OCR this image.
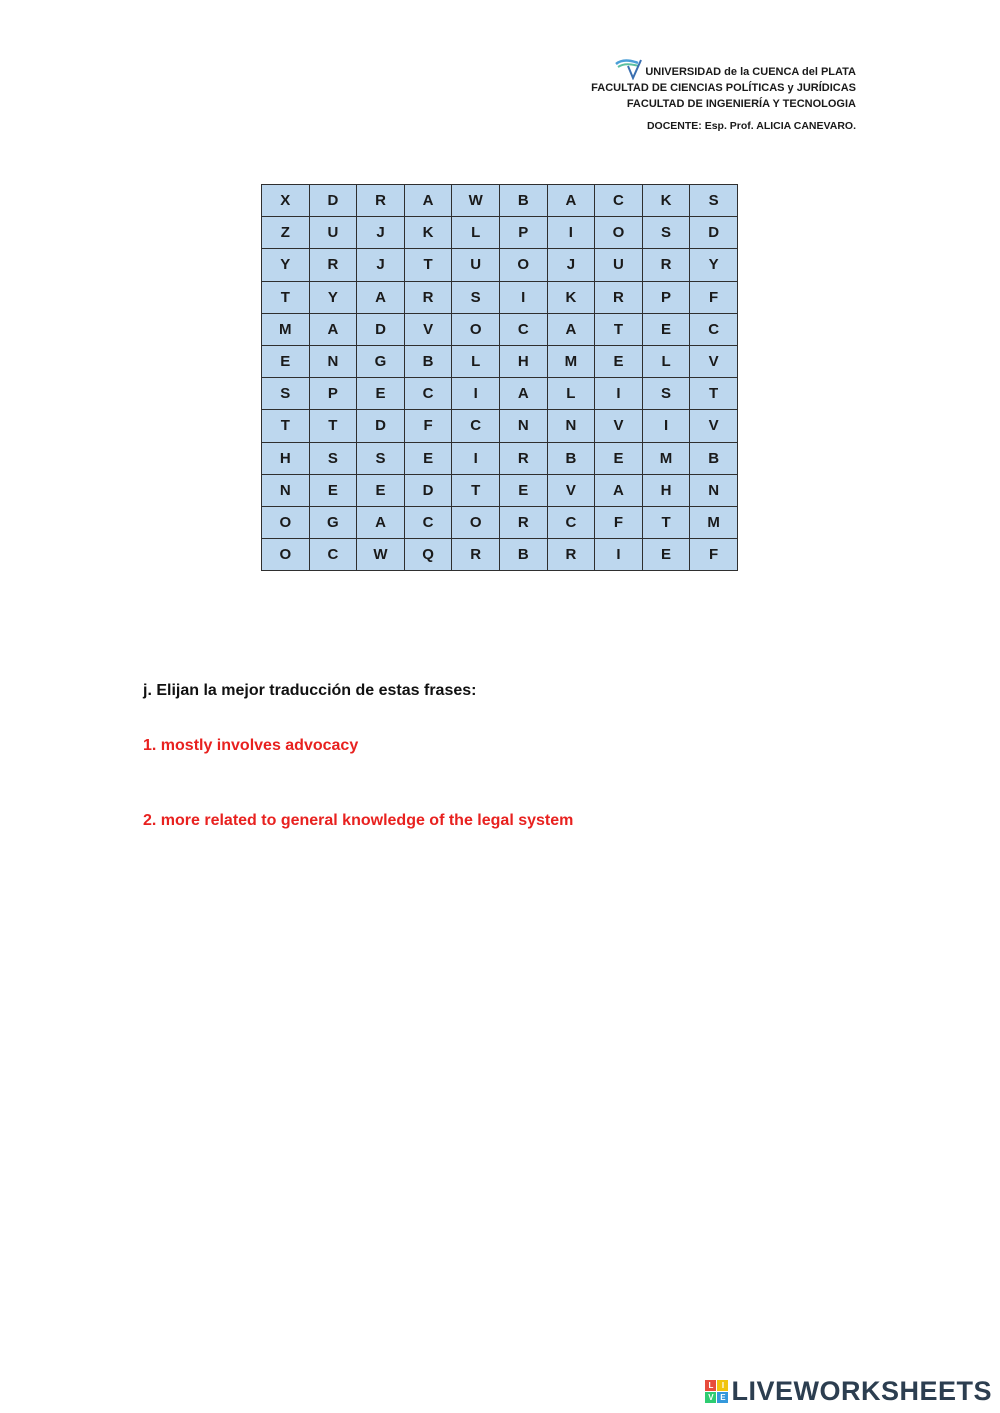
UNIVERSIDAD de la CUENCA del PLATA
FACULTAD DE CIENCIAS POLÍTICAS y JURÍDICAS
FACULTAD DE INGENIERÍA Y TECNOLOGIA
DOCENTE: Esp. Prof. ALICIA CANEVARO.
X	D	R	A	W	B	A	C	K	S
Z	U	J	K	L	P	I	O	S	D
Y	R	J	T	U	O	J	U	R	Y
T	Y	A	R	S	I	K	R	P	F
M	A	D	V	O	C	A	T	E	C
E	N	G	B	L	H	M	E	L	V
S	P	E	C	I	A	L	I	S	T
T	T	D	F	C	N	N	V	I	V
H	S	S	E	I	R	B	E	M	B
N	E	E	D	T	E	V	A	H	N
O	G	A	C	O	R	C	F	T	M
O	C	W	Q	R	B	R	I	E	F
j. Elijan la mejor traducción de estas frases:
1. mostly involves advocacy
2. more related to general knowledge of the legal system
L	I
V E LIVEWORKSHEETS
